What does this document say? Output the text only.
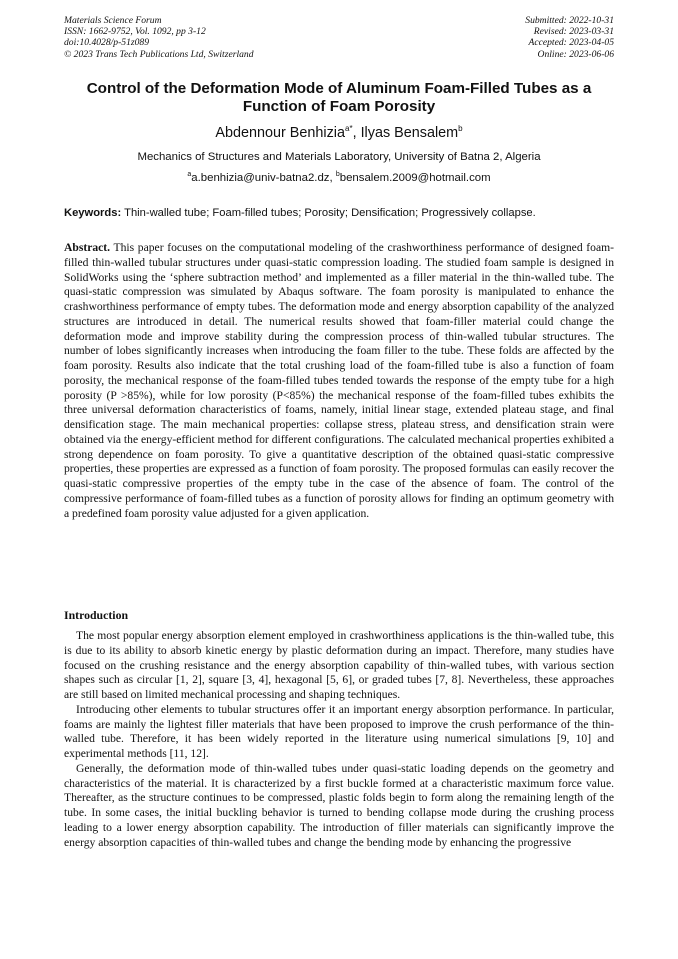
Materials Science Forum
ISSN: 1662-9752, Vol. 1092, pp 3-12
doi:10.4028/p-51z089
© 2023 Trans Tech Publications Ltd, Switzerland
Submitted: 2022-10-31
Revised: 2023-03-31
Accepted: 2023-04-05
Online: 2023-06-06
Control of the Deformation Mode of Aluminum Foam-Filled Tubes as a Function of Foam Porosity
Abdennour Benhizia$^{a*}$, Ilyas Bensalem$^b$
Mechanics of Structures and Materials Laboratory, University of Batna 2, Algeria
$^a$a.benhizia@univ-batna2.dz, $^b$bensalem.2009@hotmail.com
Keywords: Thin-walled tube; Foam-filled tubes; Porosity; Densification; Progressively collapse.
Abstract. This paper focuses on the computational modeling of the crashworthiness performance of designed foam-filled thin-walled tubular structures under quasi-static compression loading. The studied foam sample is designed in SolidWorks using the ‘sphere subtraction method’ and implemented as a filler material in the thin-walled tube. The quasi-static compression was simulated by Abaqus software. The foam porosity is manipulated to enhance the crashworthiness performance of empty tubes. The deformation mode and energy absorption capability of the analyzed structures are introduced in detail. The numerical results showed that foam-filler material could change the deformation mode and improve stability during the compression process of thin-walled tubular structures. The number of lobes significantly increases when introducing the foam filler to the tube. These folds are affected by the foam porosity. Results also indicate that the total crushing load of the foam-filled tube is also a function of foam porosity, the mechanical response of the foam-filled tubes tended towards the response of the empty tube for a high porosity (P >85%), while for low porosity (P<85%) the mechanical response of the foam-filled tubes exhibits the three universal deformation characteristics of foams, namely, initial linear stage, extended plateau stage, and final densification stage. The main mechanical properties: collapse stress, plateau stress, and densification strain were obtained via the energy-efficient method for different configurations. The calculated mechanical properties exhibited a strong dependence on foam porosity. To give a quantitative description of the obtained quasi-static compressive properties, these properties are expressed as a function of foam porosity. The proposed formulas can easily recover the quasi-static compressive properties of the empty tube in the case of the absence of foam. The control of the compressive performance of foam-filled tubes as a function of porosity allows for finding an optimum geometry with a predefined foam porosity value adjusted for a given application.
Introduction

The most popular energy absorption element employed in crashworthiness applications is the thin-walled tube, this is due to its ability to absorb kinetic energy by plastic deformation during an impact. Therefore, many studies have focused on the crushing resistance and the energy absorption capability of thin-walled tubes, with various section shapes such as circular [1, 2], square [3, 4], hexagonal [5, 6], or graded tubes [7, 8]. Nevertheless, these approaches are still based on limited mechanical processing and shaping techniques.

Introducing other elements to tubular structures offer it an important energy absorption performance. In particular, foams are mainly the lightest filler materials that have been proposed to improve the crush performance of the thin-walled tube. Therefore, it has been widely reported in the literature using numerical simulations [9, 10] and experimental methods [11, 12].

Generally, the deformation mode of thin-walled tubes under quasi-static loading depends on the geometry and characteristics of the material. It is characterized by a first buckle formed at a characteristic maximum force value. Thereafter, as the structure continues to be compressed, plastic folds begin to form along the remaining length of the tube. In some cases, the initial buckling behavior is turned to bending collapse mode during the crushing process leading to a lower energy absorption capability. The introduction of filler materials can significantly improve the energy absorption capacities of thin-walled tubes and change the bending mode by enhancing the progressive
